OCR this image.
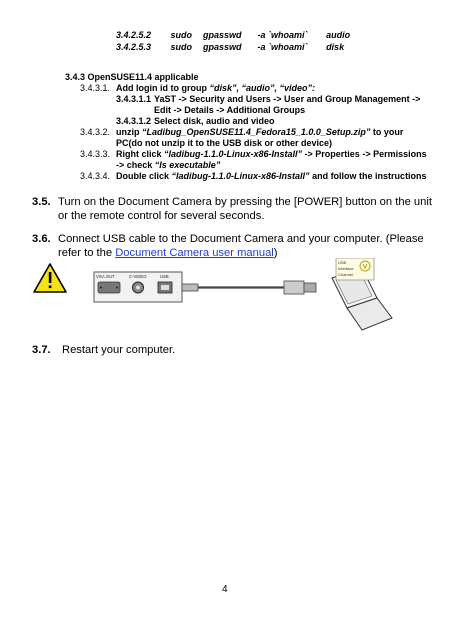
3.4.2.5.2 sudo gpasswd -a `whoami` audio
3.4.2.5.3 sudo gpasswd -a `whoami` disk
3.4.3 OpenSUSE11.4 applicable
3.4.3.1. Add login id to group “disk”, “audio”, “video”:
3.4.3.1.1 YaST -> Security and Users -> User and Group Management ->
Edit -> Details -> Additional Groups
3.4.3.1.2 Select disk, audio and video
3.4.3.2. unzip “Ladibug_OpenSUSE11.4_Fedora15_1.0.0_Setup.zip” to your
PC(do not unzip it to the USB disk or other device)
3.4.3.3. Right click “ladibug-1.1.0-Linux-x86-Install” -> Properties -> Permissions
-> check “Is executable”
3.4.3.4. Double click “ladibug-1.1.0-Linux-x86-Install” and follow the instructions
3.5. Turn on the Document Camera by pressing the [POWER] button on the unit
or the remote control for several seconds.
3.6. Connect USB cable to the Document Camera and your computer. (Please
refer to the Document Camera user manual)
VGA OUT	C-VIDEO	USB
USB
Interface
Channel
3.7. Restart your computer.
4
